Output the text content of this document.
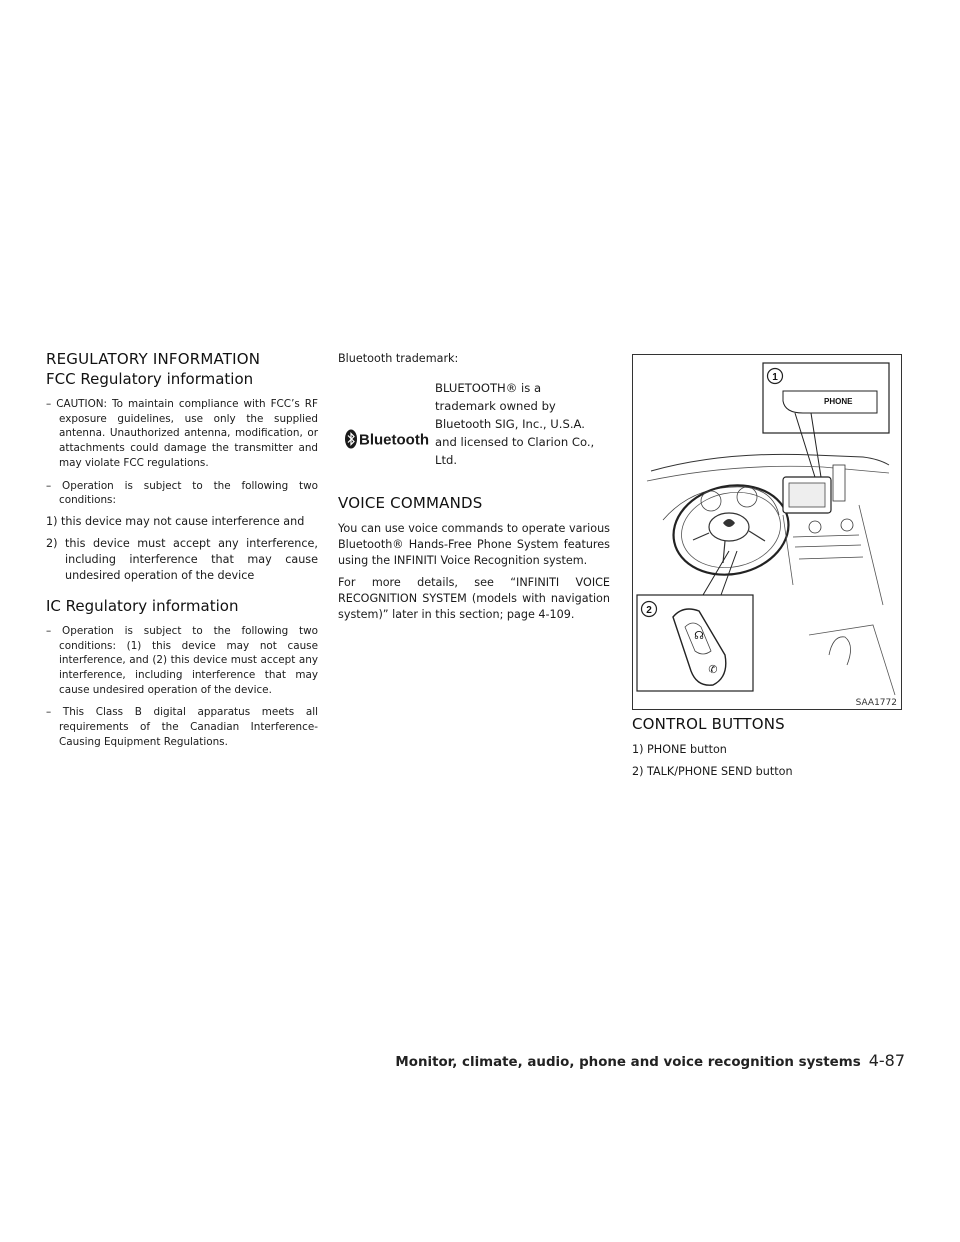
REGULATORY INFORMATION
FCC Regulatory information

– CAUTION: To maintain compliance with FCC’s RF exposure guidelines, use only the supplied antenna. Unauthorized antenna, modification, or attachments could damage the transmitter and may violate FCC regulations.

– Operation is subject to the following two conditions:

1) this device may not cause interference and

2) this device must accept any interference, including interference that may cause undesired operation of the device

IC Regulatory information

– Operation is subject to the following two conditions: (1) this device may not cause interference, and (2) this device must accept any interference, including interference that may cause undesired operation of the device.

– This Class B digital apparatus meets all requirements of the Canadian Interference-Causing Equipment Regulations.

Bluetooth trademark:

Bluetooth

BLUETOOTH® is a trademark owned by Bluetooth SIG, Inc., U.S.A. and licensed to Clarion Co., Ltd.

VOICE COMMANDS

You can use voice commands to operate various Bluetooth® Hands-Free Phone System features using the INFINITI Voice Recognition system.

For more details, see “INFINITI VOICE RECOGNITION SYSTEM (models with navigation system)” later in this section; page 4-109.

1
2
☊
✆
PHONE
SAA1772
CONTROL BUTTONS

1) PHONE button

2) TALK/PHONE SEND button

Monitor, climate, audio, phone and voice recognition systems 4-87
